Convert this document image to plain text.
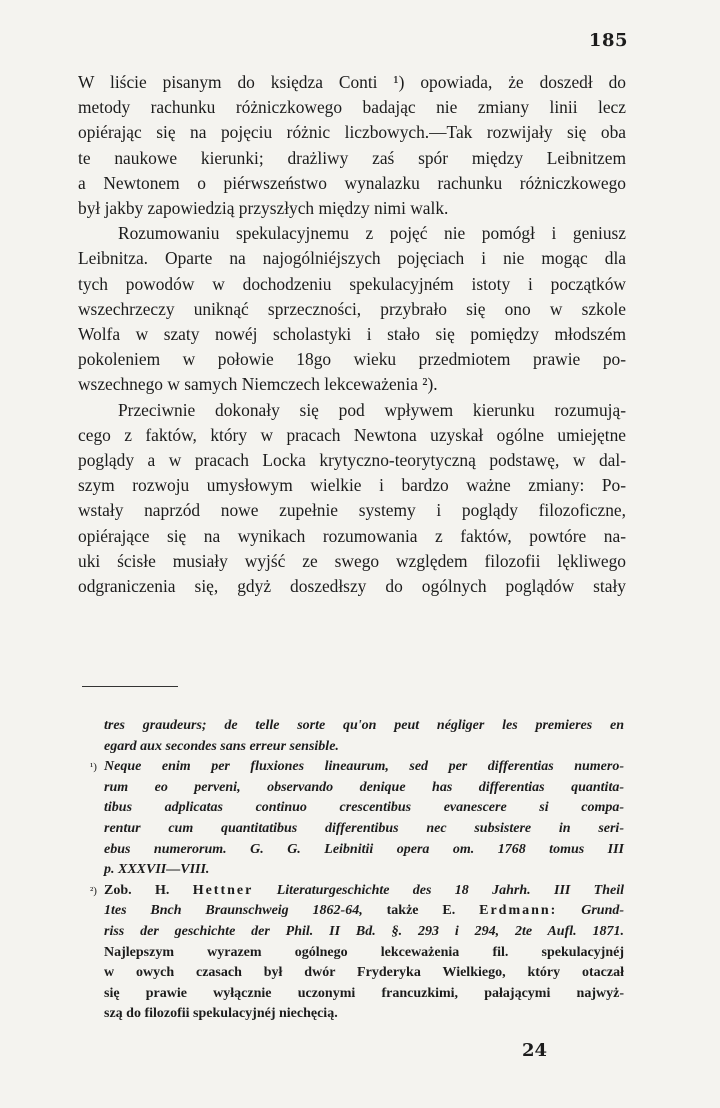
185
W liście pisanym do księdza Conti ¹) opowiada, że doszedł do
metody rachunku różniczkowego badając nie zmiany linii lecz
opiérając się na pojęciu różnic liczbowych.—Tak rozwijały się oba
te naukowe kierunki; drażliwy zaś spór między Leibnitzem
a Newtonem o piérwszeństwo wynalazku rachunku różniczkowego
był jakby zapowiedzią przyszłych między nimi walk.
Rozumowaniu spekulacyjnemu z pojęć nie pomógł i geniusz
Leibnitza. Oparte na najogólniéjszych pojęciach i nie mogąc dla
tych powodów w dochodzeniu spekulacyjném istoty i początków
wszechrzeczy uniknąć sprzeczności, przybrało się ono w szkole
Wolfa w szaty nowéj scholastyki i stało się pomiędzy młodszém
pokoleniem w połowie 18go wieku przedmiotem prawie po-
wszechnego w samych Niemczech lekceważenia ²).
Przeciwnie dokonały się pod wpływem kierunku rozumują-
cego z faktów, który w pracach Newtona uzyskał ogólne umiejętne
poglądy a w pracach Locka krytyczno-teorytyczną podstawę, w dal-
szym rozwoju umysłowym wielkie i bardzo ważne zmiany: Po-
wstały naprzód nowe zupełnie systemy i poglądy filozoficzne,
opiérające się na wynikach rozumowania z faktów, powtóre na-
uki ścisłe musiały wyjść ze swego względem filozofii lękliwego
odgraniczenia się, gdyż doszedłszy do ogólnych poglądów stały
tres graudeurs; de telle sorte qu'on peut négliger les premieres en
egard aux secondes sans erreur sensible.
¹) Neque enim per fluxiones lineaurum, sed per differentias numero-
rum eo perveni, observando denique has differentias quantita-
tibus adplicatas continuo crescentibus evanescere si compa-
rentur cum quantitatibus differentibus nec subsistere in seri-
ebus numerorum. G. G. Leibnitii opera om. 1768 tomus III
p. XXXVII—VIII.
²) Zob. H. Hettner Literaturgeschichte des 18 Jahrh. III Theil
1tes Bnch Braunschweig 1862-64, także E. Erdmann: Grund-
riss der geschichte der Phil. II Bd. §. 293 i 294, 2te Aufl. 1871.
Najlepszym wyrazem ogólnego lekceważenia fil. spekulacyjnéj
w owych czasach był dwór Fryderyka Wielkiego, który otaczał
się prawie wyłącznie uczonymi francuzkimi, pałającymi najwyż-
szą do filozofii spekulacyjnéj niechęcią.
24
